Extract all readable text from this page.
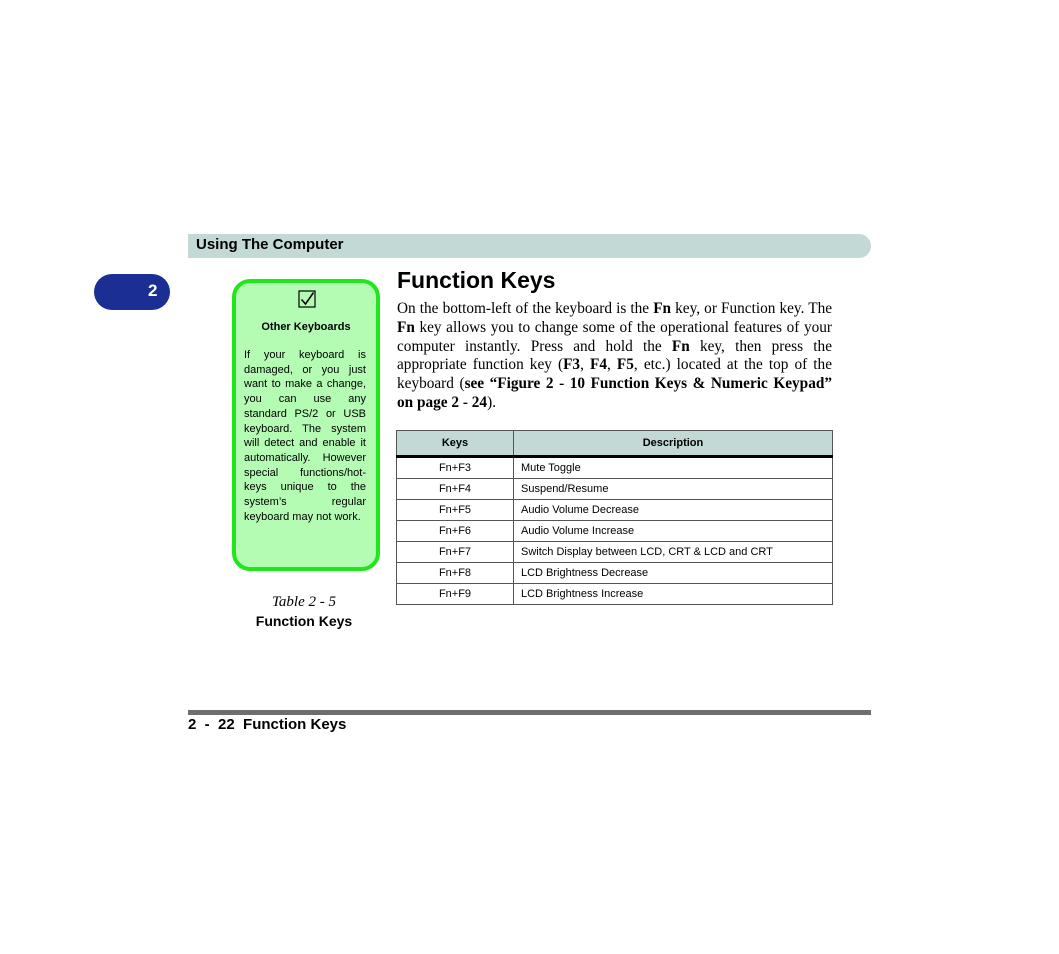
Using The Computer
2
Other Keyboards

If your keyboard is damaged, or you just want to make a change, you can use any standard PS/2 or USB keyboard. The system will detect and enable it automatically. However special functions/hot-keys unique to the system’s regular keyboard may not work.

Table 2 - 5
Function Keys
Function Keys

On the bottom-left of the keyboard is the Fn key, or Function key. The Fn key allows you to change some of the operational features of your computer instantly. Press and hold the Fn key, then press the appropriate function key (F3, F4, F5, etc.) located at the top of the keyboard (see “Figure 2 - 10 Function Keys & Numeric Keypad” on page 2 - 24).

Keys	Description
Fn+F3	Mute Toggle
Fn+F4	Suspend/Resume
Fn+F5	Audio Volume Decrease
Fn+F6	Audio Volume Increase
Fn+F7	Switch Display between LCD, CRT & LCD and CRT
Fn+F8	LCD Brightness Decrease
Fn+F9	LCD Brightness Increase
2  -  22  Function Keys
